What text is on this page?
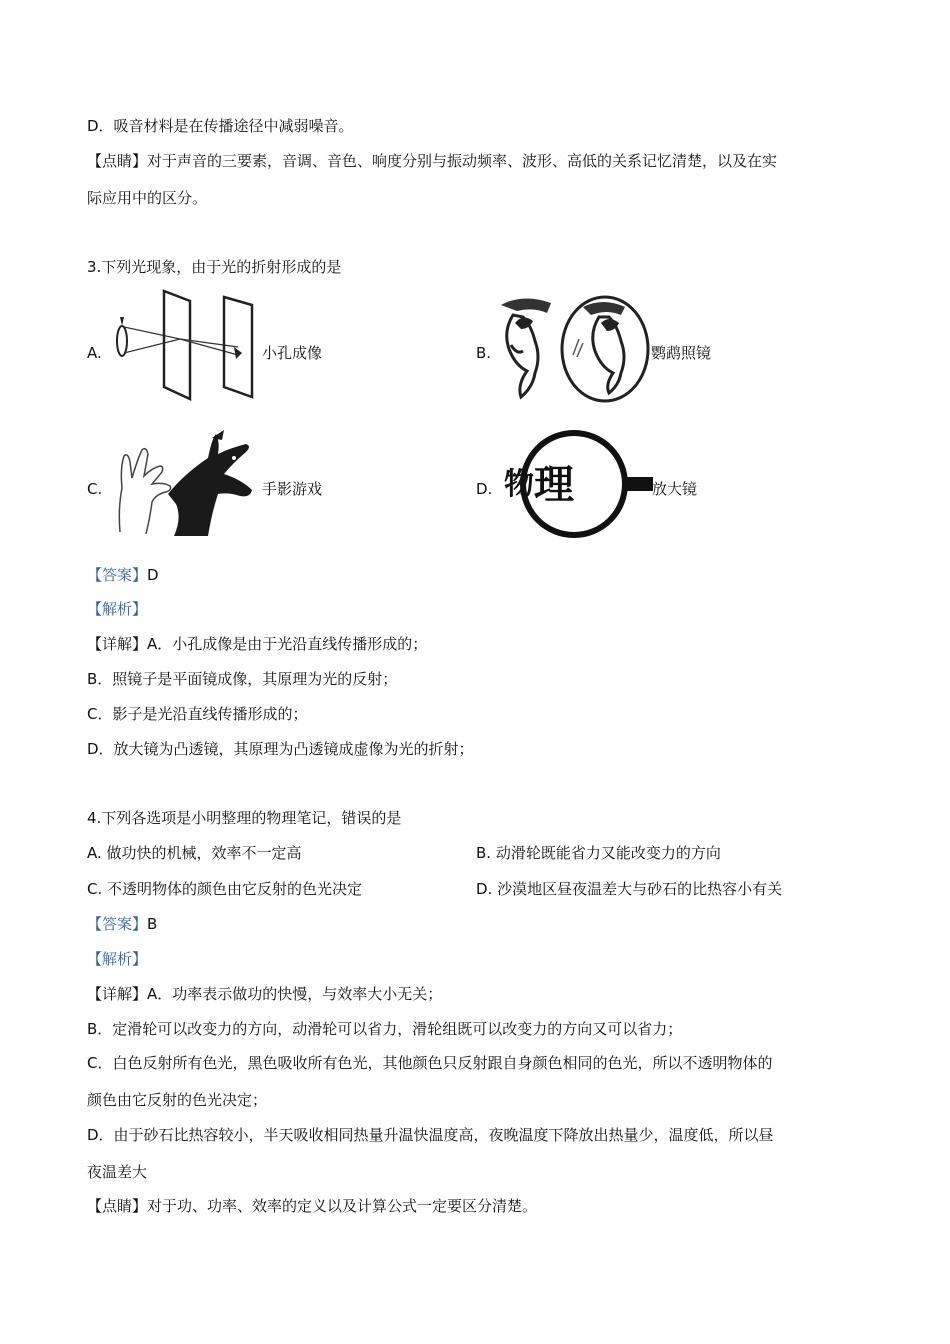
D．吸音材料是在传播途径中减弱噪音。
【点睛】对于声音的三要素，音调、音色、响度分别与振动频率、波形、高低的关系记忆清楚，以及在实
际应用中的区分。
3.下列光现象，由于光的折射形成的是
A.	小孔成像	B.	鹦鹉照镜
C.	手影游戏	D. 物 理	放大镜
【答案】D
【解析】
【详解】A．小孔成像是由于光沿直线传播形成的；
B．照镜子是平面镜成像，其原理为光的反射；
C．影子是光沿直线传播形成的；
D．放大镜为凸透镜，其原理为凸透镜成虚像为光的折射；
4.下列各选项是小明整理的物理笔记，错误的是
A. 做功快的机械，效率不一定高	B. 动滑轮既能省力又能改变力的方向
C. 不透明物体的颜色由它反射的色光决定	D. 沙漠地区昼夜温差大与砂石的比热容小有关
【答案】B
【解析】
【详解】A．功率表示做功的快慢，与效率大小无关；
B．定滑轮可以改变力的方向，动滑轮可以省力，滑轮组既可以改变力的方向又可以省力；
C．白色反射所有色光，黑色吸收所有色光，其他颜色只反射跟自身颜色相同的色光，所以不透明物体的
颜色由它反射的色光决定；
D．由于砂石比热容较小，半天吸收相同热量升温快温度高，夜晚温度下降放出热量少，温度低，所以昼
夜温差大
【点睛】对于功、功率、效率的定义以及计算公式一定要区分清楚。
